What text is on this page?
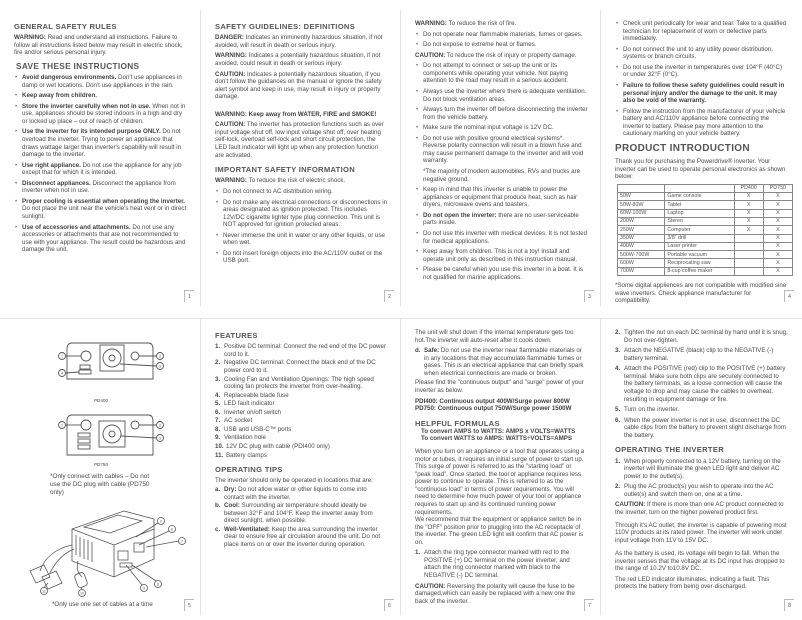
GENERAL SAFETY RULES

WARNING: Read and understand all instructions. Failure to follow all instructions listed below may result in electric shock, fire and/or serious personal injury.

SAVE THESE INSTRUCTIONS
• Avoid dangerous environments. Don't use appliances in damp or wet locations. Don't use appliances in the rain.
• Keep away from children.
• Store the inverter carefully when not in use. When not in use, appliances should be stored indoors in a high and dry or locked up place – out of reach of children.
• Use the inverter for its intended purpose ONLY. Do not overload the inverter. Trying to power an appliance that draws wattage larger than inverter's capability will result in damage to the inverter.
• Use right appliance. Do not use the appliance for any job except that for which it is intended.
• Disconnect appliances. Disconnect the appliance from inverter when not in use.
• Proper cooling is essential when operating the inverter. Do not place the unit near the vehicle's heat vent or in direct sunlight.
• Use of accessories and attachments. Do not use any accessories or attachments that are not recommended to use with your appliance. The result could be hazardous and damage the unit.
1
SAFETY GUIDELINES: DEFINITIONS

DANGER: Indicates an imminently hazardous situation, if not avoided, will result in death or serious injury.

WARNING: Indicates a potentially hazardous situation, if not avoided, could result in death or serious injury.

CAUTION: Indicates a potentially hazardous situation, if you don't follow the guidances on the manual or ignore the safety alert symbol and keep in use, may result in injury or property damage.

WARNING: Keep away from WATER, FIRE and SMOKE!

CAUTION: The inverter has protection functions such as over input voltage shut off, low input voltage shut off, over heating self-lock, overload self-lock and short circuit protection, the LED fault indicator will light up when any protection function are activated.

IMPORTANT SAFETY INFORMATION

WARNING: To reduce the risk of electric shock.

• Do not connect to AC distribution wiring.
• Do not make any electrical connections or disconnections in areas designated as ignition protected. This includes 12V/DC cigarette lighter type plug connection. This unit is NOT approved for ignition protected areas.
• Never immerse the unit in water or any other liquids, or use when wet.
• Do not insert foreign objects into the AC/110V outlet or the USB port.
2

WARNING: To reduce the risk of fire.

• Do not operate near flammable materials, fumes or gases.
• Do not expose to extreme heat or flames.

CAUTION: To reduce the risk of injury or property damage.

• Do not attempt to connect or set-up the unit or its components while operating your vehicle. Not paying attention to the road may result in a serious accident.
• Always use the inverter where there is adequate ventilation. Do not block ventilation areas.
• Always turn the inverter off before disconnecting the inverter from the vehicle battery.
• Make sure the nominal input voltage is 12V DC.
• Do not use with positive ground electrical systems*. Reverse polarity connection will result in a blown fuse and may cause permanent damage to the inverter and will void warranty.

*The majority of modern automobiles, RVs and trucks are negative ground.

• Keep in mind that this inverter is unable to power the appliances or equipment that produce heat, such as hair dryers, microwave ovens and toasters.
• Do not open the inverter: there are no user-serviceable parts inside.
• Do not use this inverter with medical devices. It is not tested for medical applications.
• Keep away from children. This is not a toy! Install and operate unit only as described in this instruction manual.
• Please be careful when you use this inverter in a boat. It is not qualified for marine applications.
3
• Check unit periodically for wear and tear. Take to a qualified technician for replacement of worn or defective parts immediately.
• Do not connect the unit to any utility power distribution, systems or branch circuits.
• Do not use the inverter in temperatures over 104°F (40°C) or under 32°F (0°C).
• Failure to follow these safety guidelines could result in personal injury and/or the damage to the unit. It may also be void of the warranty.
• Follow the instruction from the manufacturer of your vehicle battery and AC/110V appliance before connecting the inverter to battery. Please pay more attention to the cautionary marking on your vehicle battery.
PRODUCT INTRODUCTION

Thank you for purchasing the Powerdrive® inverter. Your inverter can be used to operate personal electronics as shown below:

		PD400	PD750
50W	Game console	X	X
50W-80W	Tablet	X	X
60W-100W	Laptop	X	X
200W	Stereo	X	X
250W	Computer	X	X
350W	3/8" drill		X
400W	Laser printer		X
500W-700W	Portable vacuum		X
600W	Reciprocating saw		X
700W	8-cup coffee maker		X

*Some digital appliences are not compatible with modified sine wave inverters. Check appliance manufacturer for compatibility.

4
1	2
3
4
PD400
1	2
3
PD750

*Only connect with cables – Do not use the DC plug with cable (PD750 only)

3
6
7
11	10
9
8

*Only use one set of cables at a time	5
FEATURES
1. Positive DC terminal: Connect the red end of the DC power cord to it.
2. Negative DC terminal: Connect the black end of the DC power cord to it.
3. Cooling Fan and Ventilation Openings: The high speed cooling fan protects the inverter from over-heating.
4. Replaceable blade fuse
5. LED fault indicator
6. Inverter on/off switch
7. AC socket
8. USB and USB-C™ ports
9. Ventilation hole
10. 12V DC plug with cable (PDI400 only)
11. Battery clamps
OPERATING TIPS

The inverter should only be operated in locations that are:

a. Dry: Do not allow water or other liquids to come into contact with the inverter.
b. Cool: Surrounding air temperature should ideally be between 32°F and 104°F. Keep the inverter away from direct sunlight, when possible.
c. Well-Ventilated: Keep the area surrounding the inverter clear to ensure free air circulation around the unit. Do not place items on or over the inverter during operation.
6

The unit will shut down if the internal temperature gets too hot.The inverter will auto-reset after it cools down.

d. Safe: Do not use the inverter near flammable materials or in any locations that may accumulate flammable fumes or gases. This is an electrical appliance that can briefly spark when electrical connections are made or broken.

Please find the "continuous output" and "surge" power of your inverter as below.

PDI400: Continuous output 400W/Surge power 800W

PD750: Continuous output 750W/Surge power 1500W

HELPFUL FORMULAS
To convert AMPS to WATTS: AMPS x VOLTS=WATTS
To convert WATTS to AMPS: WATTS÷VOLTS=AMPS

When you turn on an appliance or a tool that operates using a motor or tubes, it requires an initial surge of power to start up. This surge of power is referred to as the "starting load" or "peak load". Once started, the tool or appliance requires less power to continue to operate. This is referred to as the "continuous load" in terms of power requirements. You will need to determine how much power of your tool or appliance requires to start up and its continued running power requirements.

We recommend that the equipment or appliance switch be in the "OFF" position prior to plugging into the AC receptacle of the inverter. The green LED light will confirm that AC power is on.

1. Attach the ring type connector marked with red to the POSITIVE (+) DC terminal on the power inverter, and attach the ring connector marked with black to the NEGATIVE (-) DC terminal.

CAUTION: Reversing the polarity will cause the fuse to be damaged,which can easily be replaced with a new one the back of the inverter.

7
2. Tighten the nut on each DC terminal by hand until it is snug. Do not over-tighten.
3. Attach the NEGATIVE (black) clip to the NEGATIVE (-) battery terminal.
4. Attach the POSITIVE (red) clip to the POSITIVE (+) battery terminal. Make sure both clips are securely connected to the battery terminals, as a loose connection will cause the voltage to drop and may cause the cables to overheat, resulting in equipment damage or fire.
5. Turn on the inverter.
6. When the power inverter is not in use, disconnect the DC cable clips from the battery to prevent slight discharge from the battery.
OPERATING THE INVERTER
1. When properly connected to a 12V battery, turning on the inverter will illuminate the green LED light and deliver AC power to the outlet(s).
2. Plug the AC product(s) you wish to operate into the AC outlet(s) and switch them on, one at a time.

CAUTION: If there is more than one AC product connected to the inverter, turn on the higher powered product first.

Through it's AC outlet, the inverter is capable of powering most 110V products at its rated power. The inverter will work under input voltage from 11V to 15V DC.

As the battery is used, its voltage will begin to fall. When the inverter senses that the voltage at its DC input has dropped to the range of 10.2V to10.8V DC.

The red LED indicator illuminates, indicating a fault. This protects the battery from being over-discharged.

8
